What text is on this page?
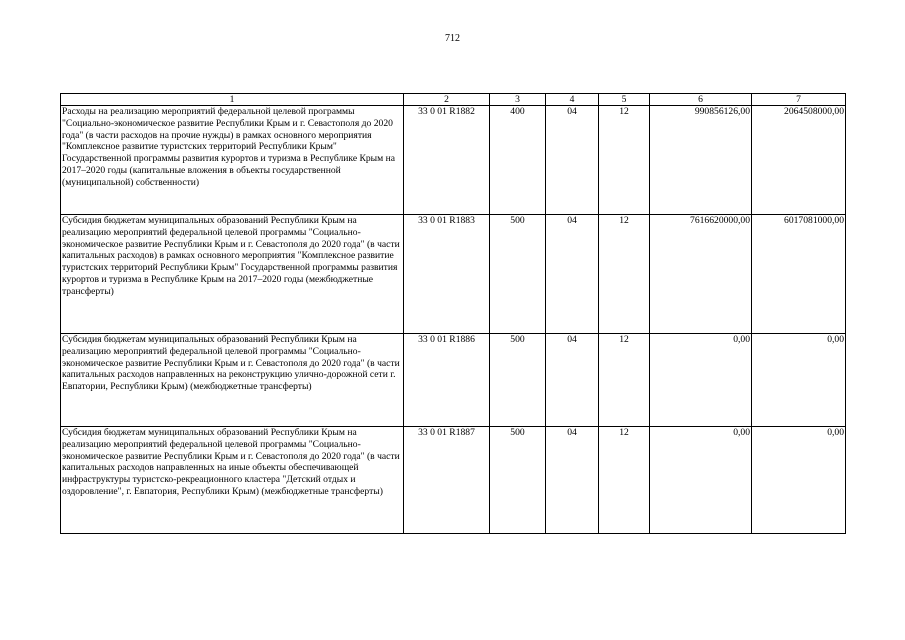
712
1	2	3	4	5	6	7
Расходы на реализацию мероприятий федеральной целевой программы "Социально-экономическое развитие Республики Крым и г. Севастополя до 2020 года" (в части расходов на прочие нужды) в рамках основного мероприятия "Комплексное развитие туристских территорий Республики Крым" Государственной программы развития курортов и туризма в Республике Крым на 2017–2020 годы (капитальные вложения в объекты государственной (муниципальной) собственности)	33 0 01 R1882	400	04	12	990856126,00	2064508000,00
Субсидия бюджетам муниципальных образований Республики Крым на реализацию мероприятий федеральной целевой программы "Социально-экономическое развитие Республики Крым и г. Севастополя до 2020 года" (в части капитальных расходов) в рамках основного мероприятия "Комплексное развитие туристских территорий Республики Крым" Государственной программы развития курортов и туризма в Республике Крым на 2017–2020 годы (межбюджетные трансферты)	33 0 01 R1883	500	04	12	7616620000,00	6017081000,00
Субсидия бюджетам муниципальных образований Республики Крым на реализацию мероприятий федеральной целевой программы "Социально-экономическое развитие Республики Крым и г. Севастополя до 2020 года" (в части капитальных расходов направленных на реконструкцию улично-дорожной сети г. Евпатории, Республики Крым) (межбюджетные трансферты)	33 0 01 R1886	500	04	12	0,00	0,00
Субсидия бюджетам муниципальных образований Республики Крым на реализацию мероприятий федеральной целевой программы "Социально-экономическое развитие Республики Крым и г. Севастополя до 2020 года" (в части капитальных расходов направленных на иные объекты обеспечивающей инфраструктуры туристско-рекреационного кластера "Детский отдых и оздоровление", г. Евпатория, Республики Крым) (межбюджетные трансферты)	33 0 01 R1887	500	04	12	0,00	0,00
